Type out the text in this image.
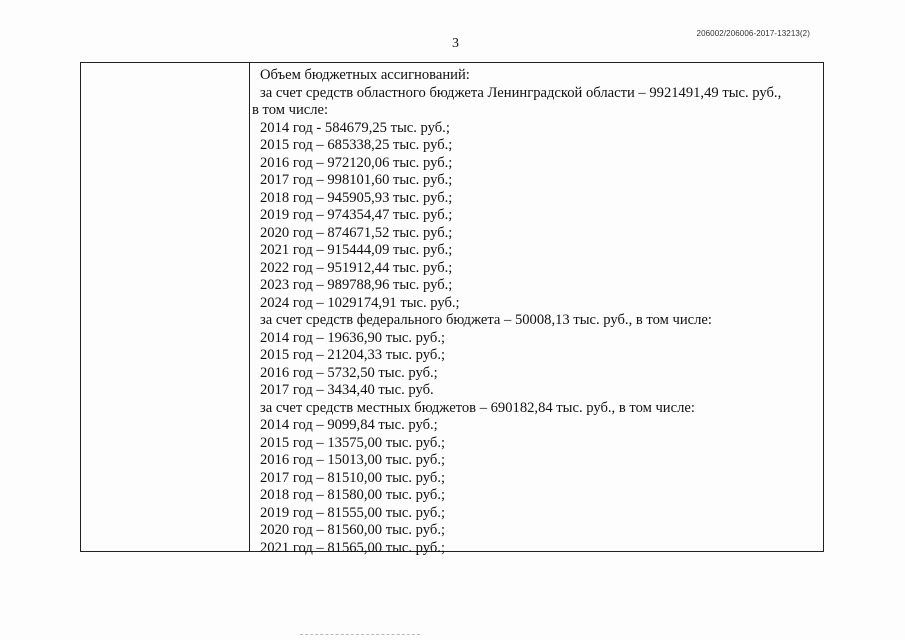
206002/206006-2017-13213(2)
3
Объем бюджетных ассигнований:
за счет средств областного бюджета Ленинградской области – 9921491,49 тыс. руб.,
в том числе:
2014 год - 584679,25 тыс. руб.;
2015 год – 685338,25 тыс. руб.;
2016 год – 972120,06 тыс. руб.;
2017 год – 998101,60 тыс. руб.;
2018 год – 945905,93 тыс. руб.;
2019 год – 974354,47 тыс. руб.;
2020 год – 874671,52 тыс. руб.;
2021 год – 915444,09 тыс. руб.;
2022 год – 951912,44 тыс. руб.;
2023 год – 989788,96 тыс. руб.;
2024 год – 1029174,91 тыс. руб.;
за счет средств федерального бюджета – 50008,13 тыс. руб., в том числе:
2014 год – 19636,90 тыс. руб.;
2015 год – 21204,33 тыс. руб.;
2016 год – 5732,50 тыс. руб.;
2017 год – 3434,40 тыс. руб.
за счет средств местных бюджетов – 690182,84 тыс. руб., в том числе:
2014 год – 9099,84 тыс. руб.;
2015 год – 13575,00 тыс. руб.;
2016 год – 15013,00 тыс. руб.;
2017 год – 81510,00 тыс. руб.;
2018 год – 81580,00 тыс. руб.;
2019 год – 81555,00 тыс. руб.;
2020 год – 81560,00 тыс. руб.;
2021 год – 81565,00 тыс. руб.;
